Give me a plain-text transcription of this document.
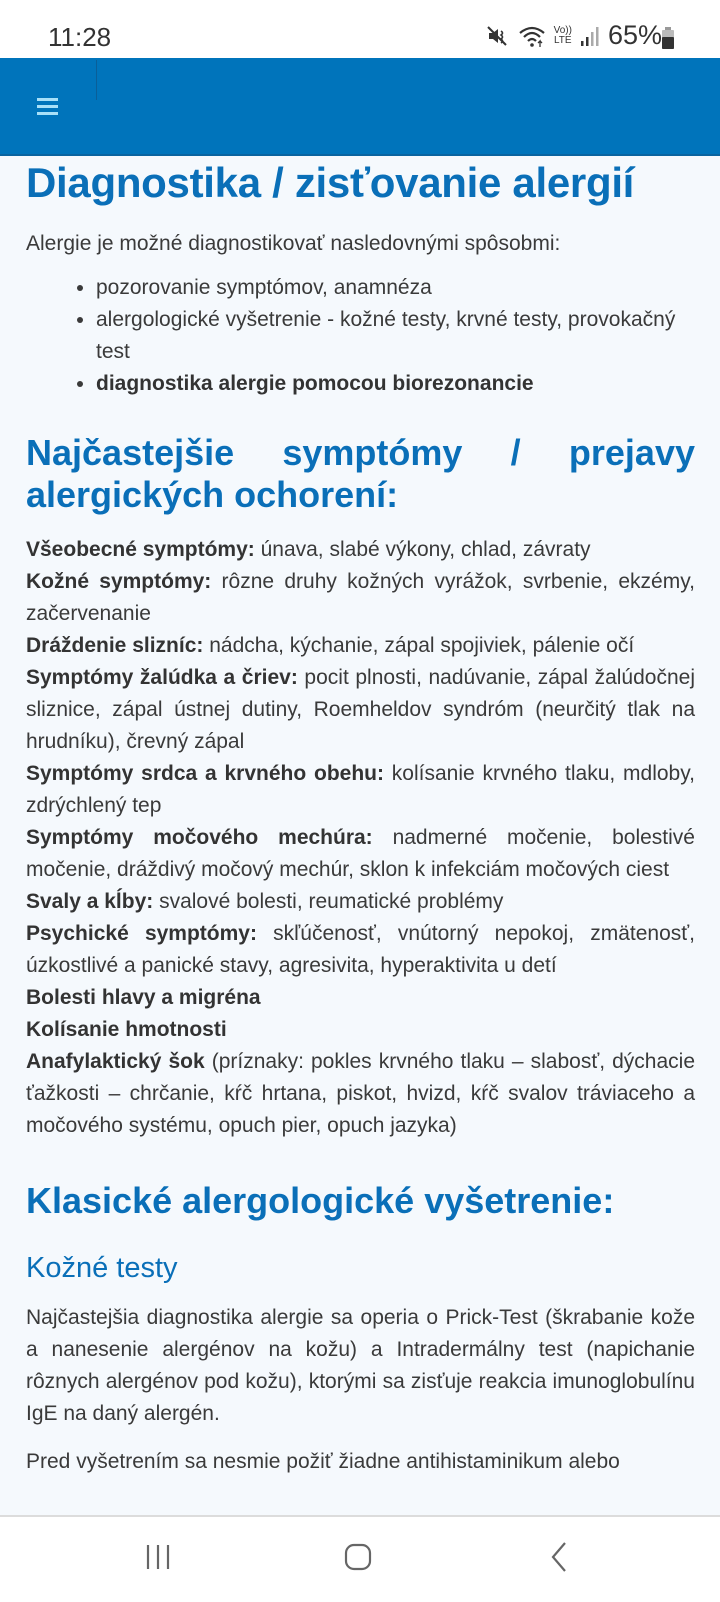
11:28	Vo))
LTE 65%
Diagnostika / zisťovanie alergií

Alergie je možné diagnostikovať nasledovnými spôsobmi:

• pozorovanie symptómov, anamnéza
• alergologické vyšetrenie - kožné testy, krvné testy, provokačný test
• diagnostika alergie pomocou biorezonancie
Najčastejšie symptómy / prejavy
alergických ochorení:
Všeobecné symptómy: únava, slabé výkony, chlad, závraty
Kožné symptómy: rôzne druhy kožných vyrážok, svrbenie, ekzémy, začervenanie
Dráždenie slizníc: nádcha, kýchanie, zápal spojiviek, pálenie očí
Symptómy žalúdka a čriev: pocit plnosti, nadúvanie, zápal žalúdočnej sliznice, zápal ústnej dutiny, Roemheldov syndróm (neurčitý tlak na hrudníku), črevný zápal
Symptómy srdca a krvného obehu: kolísanie krvného tlaku, mdloby, zdrýchlený tep
Symptómy močového mechúra: nadmerné močenie, bolestivé močenie, dráždivý močový mechúr, sklon k infekciám močových ciest
Svaly a kĺby: svalové bolesti, reumatické problémy
Psychické symptómy: skľúčenosť, vnútorný nepokoj, zmätenosť, úzkostlivé a panické stavy, agresivita, hyperaktivita u detí
Bolesti hlavy a migréna
Kolísanie hmotnosti
Anafylaktický šok (príznaky: pokles krvného tlaku – slabosť, dýchacie ťažkosti – chrčanie, kŕč hrtana, piskot, hvizd, kŕč svalov tráviaceho a močového systému, opuch pier, opuch jazyka)
Klasické alergologické vyšetrenie:
Kožné testy

Najčastejšia diagnostika alergie sa operia o Prick-Test (škrabanie kože a nanesenie alergénov na kožu) a Intradermálny test (napichanie rôznych alergénov pod kožu), ktorými sa zisťuje reakcia imunoglobulínu IgE na daný alergén.

Pred vyšetrením sa nesmie požiť žiadne antihistaminikum alebo
